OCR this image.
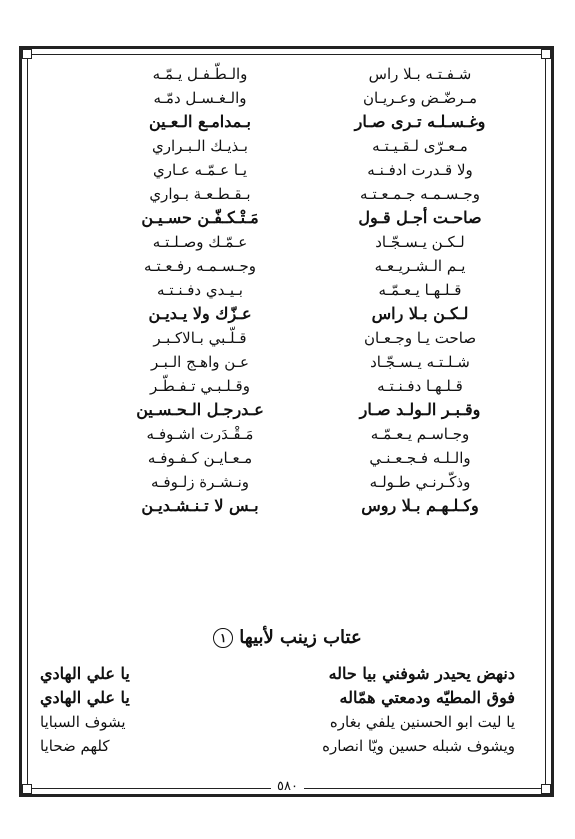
شـفـتـه بـلا راس
والـطّـفـل يـمّـه
مـرضّـض وعـريـان
والـغـسـل دمّـه
وغـسـلـه تـرى صـار
بـمدامـع الـعـين
مـعـرّى لـقـيـتـه
بـذيـك الـبـراري
ولا قـدرت ادفـنـه
يـا عـمّـه عـاري
وجـسـمـه جـمـعـتـه
بـقـطـعـة بـواري
صاحـت أجـل قـول
مَـتْـكـفّـن حسـيـن
لـكـن يـسـجّـاد
عـمّـك وصـلـتـه
يـم الـشـريـعـه
وجـسـمـه رفـعـتـه
قـلـهـا يـعـمّـه
بـيـدي دفـنـتـه
لـكـن بـلا راس
عـزّك ولا يـديـن
صاحت يـا وجـعـان
قـلّـبي بـالاكـبـر
شـلـتـه يـسـجّـاد
عـن واهـج الـبـر
قـلـهـا دفـنـتـه
وقـلـبـي تـفـطّـر
وقـبـر الـولـد صـار
عـدرجـل الـحـسـين
وجـاسـم يـعـمّـه
مَـقْـدَرت اشـوفـه
والـلـه فـجـعـنـي
مـعـايـن كـفـوفـه
وذكّـرنـي طـولـه
ونـشـرة زلـوفـه
وكـلـهـم بـلا روس
بـس لا تـنـشـديـن
عتاب زينب لأبيها١
دنهض يحيدر شوفني بيا حاله
يا علي الهادي
فوق المطيّه ودمعتي همّاله
يا علي الهادي
يا ليت ابو الحسنين يلفي بغاره
يشوف السبايا
ويشوف شبله حسين ويّا انصاره
كلهم ضحايا
٥٨٠
